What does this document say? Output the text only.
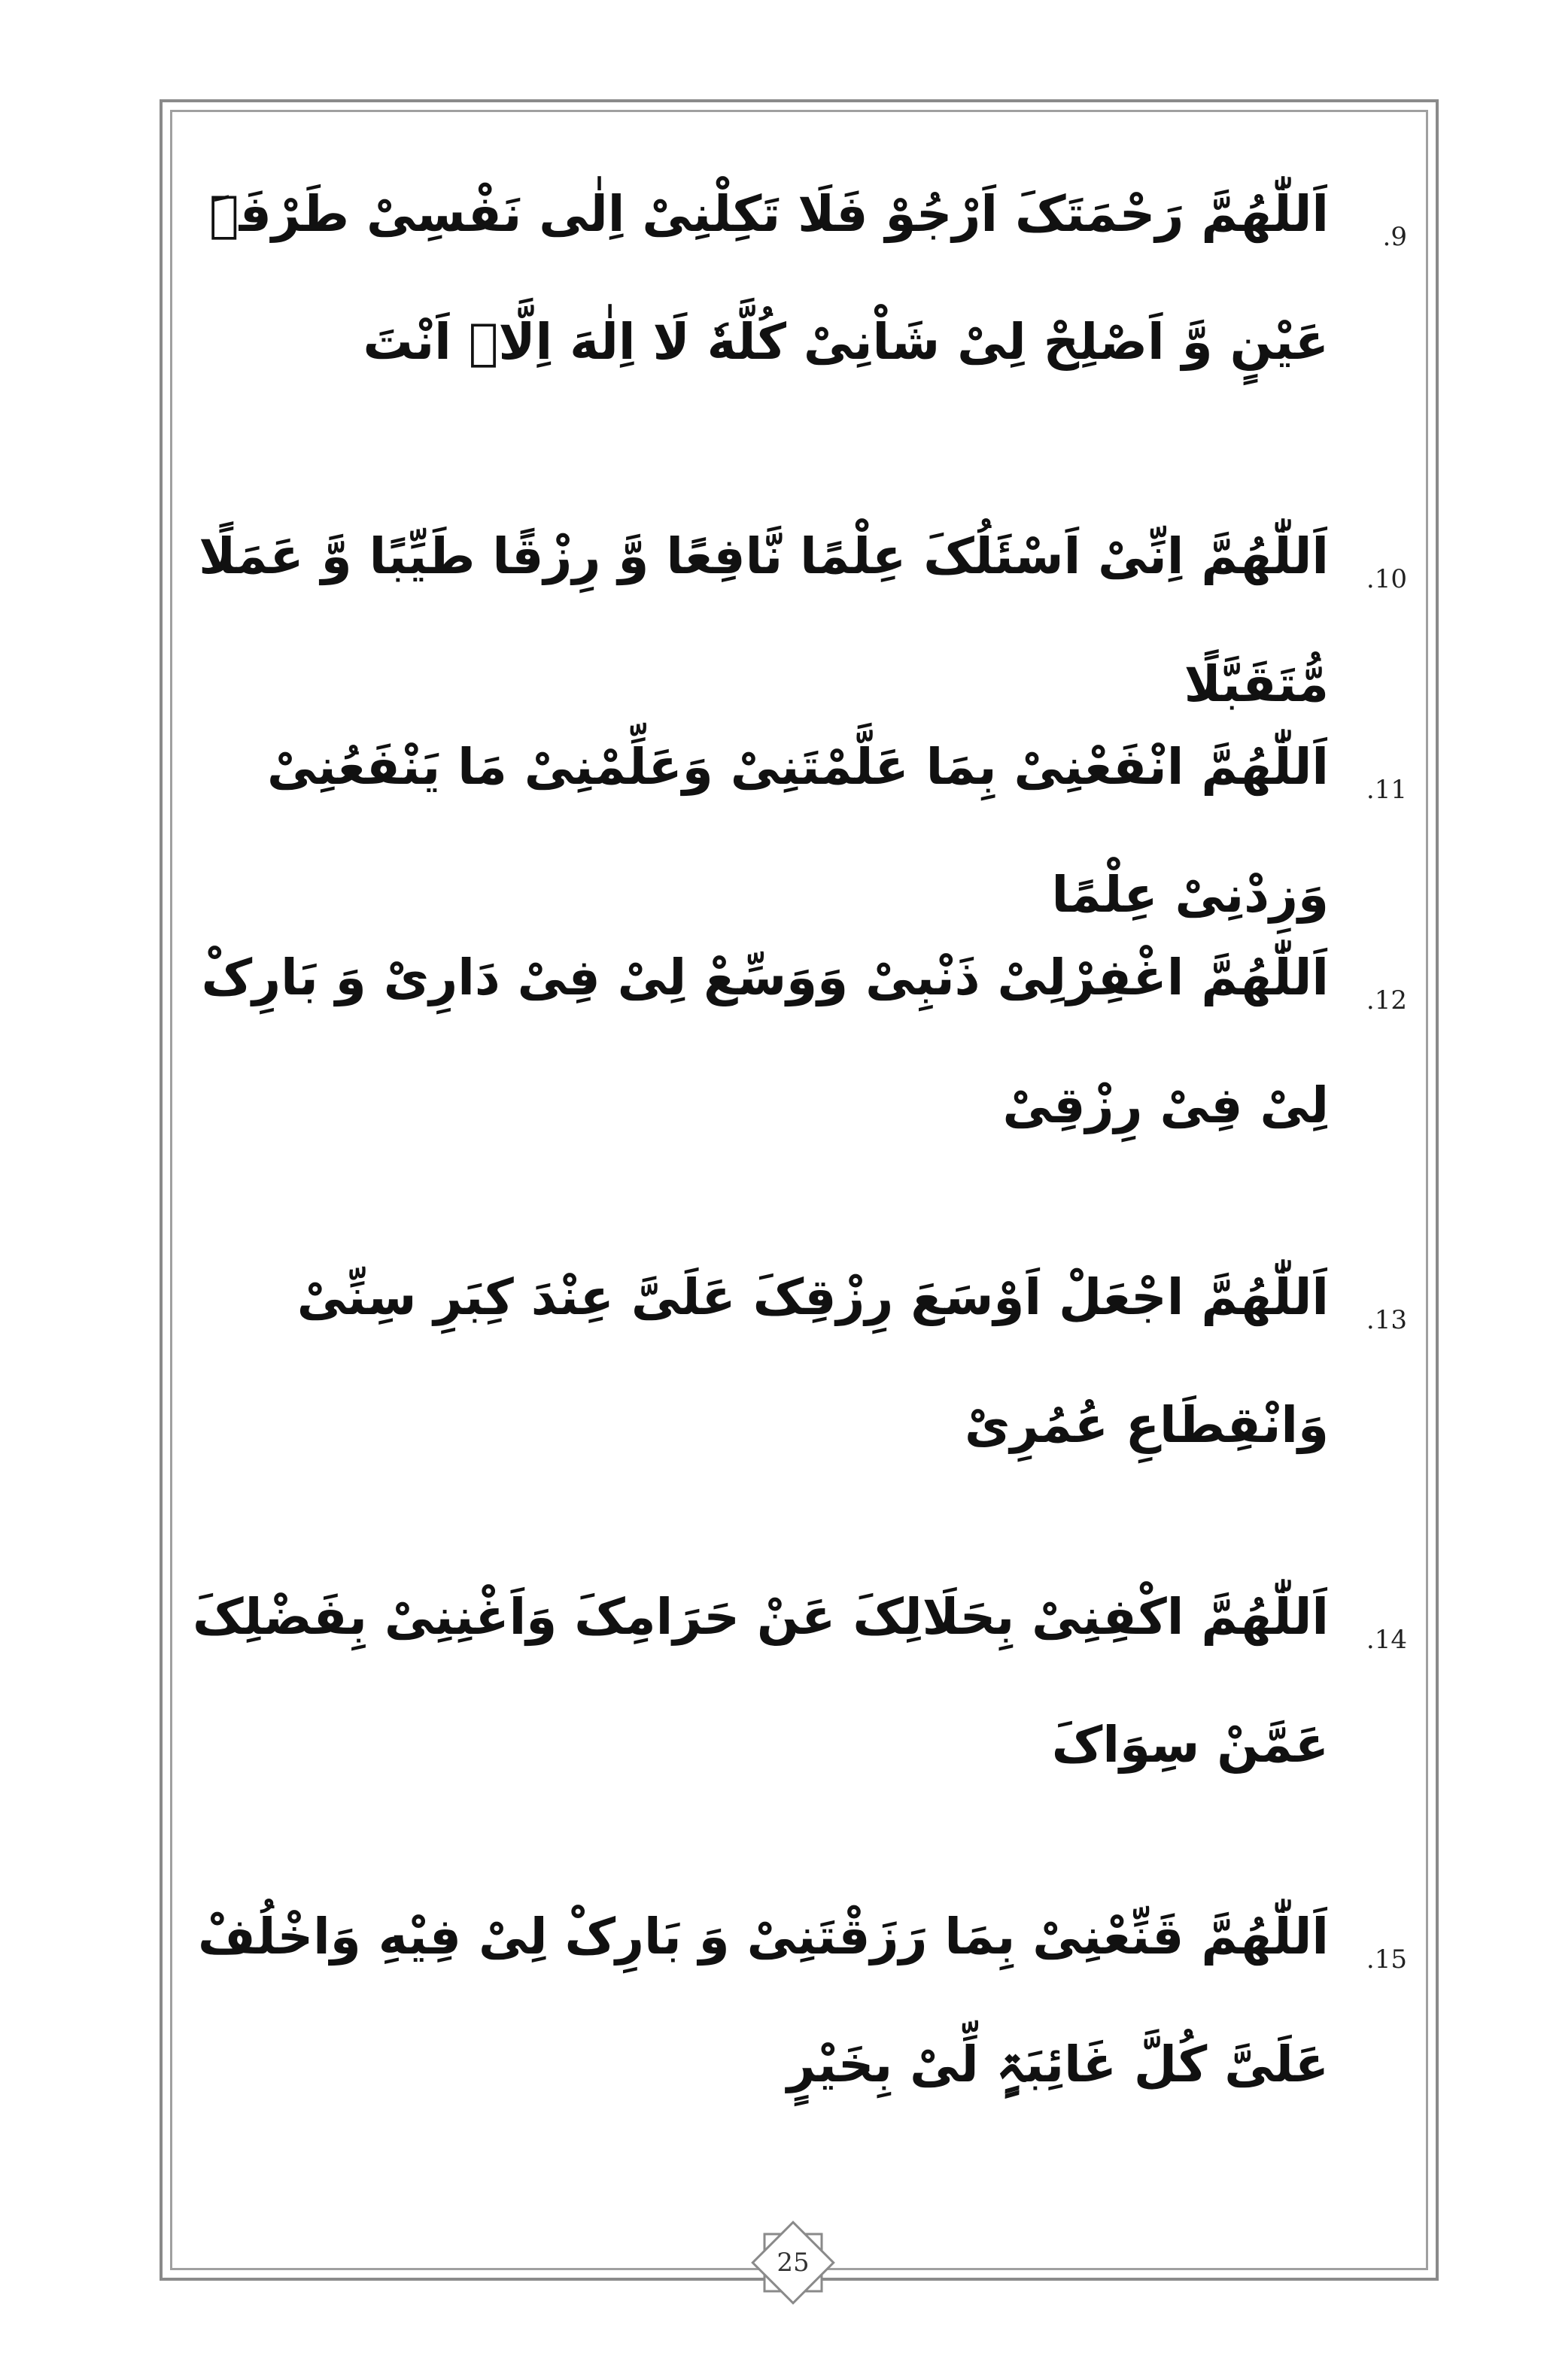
.9
اَللّٰھُمَّ رَحْمَتَکَ اَرْجُوْ فَلَا تَکِلْنِیْ اِلٰی نَفْسِیْ طَرْفَۃَ عَیْنٍ وَّ اَصْلِحْ لِیْ شَاْنِیْ کُلَّهٗ لَا اِلٰهَ اِلَّاۤ اَنْتَ
.10
اَللّٰھُمَّ اِنِّیْ اَسْئَلُکَ عِلْمًا نَّافِعًا وَّ رِزْقًا طَیِّبًا وَّ عَمَلًا مُّتَقَبَّلًا
.11
اَللّٰھُمَّ انْفَعْنِیْ بِمَا عَلَّمْتَنِیْ وَعَلِّمْنِیْ مَا یَنْفَعُنِیْ وَزِدْنِیْ عِلْمًا
.12
اَللّٰھُمَّ اغْفِرْلِیْ ذَنْبِیْ وَوَسِّعْ لِیْ فِیْ دَارِیْ وَ بَارِکْ لِیْ فِیْ رِزْقِیْ
.13
اَللّٰھُمَّ اجْعَلْ اَوْسَعَ رِزْقِکَ عَلَیَّ عِنْدَ کِبَرِ سِنِّیْ وَانْقِطَاعِ عُمُرِیْ
.14
اَللّٰھُمَّ اکْفِنِیْ بِحَلَالِکَ عَنْ حَرَامِکَ وَاَغْنِنِیْ بِفَضْلِکَ عَمَّنْ سِوَاکَ
.15
اَللّٰھُمَّ قَنِّعْنِیْ بِمَا رَزَقْتَنِیْ وَ بَارِکْ لِیْ فِیْهِ وَاخْلُفْ عَلَیَّ کُلَّ غَائِبَۃٍ لِّیْ بِخَیْرٍ
25
